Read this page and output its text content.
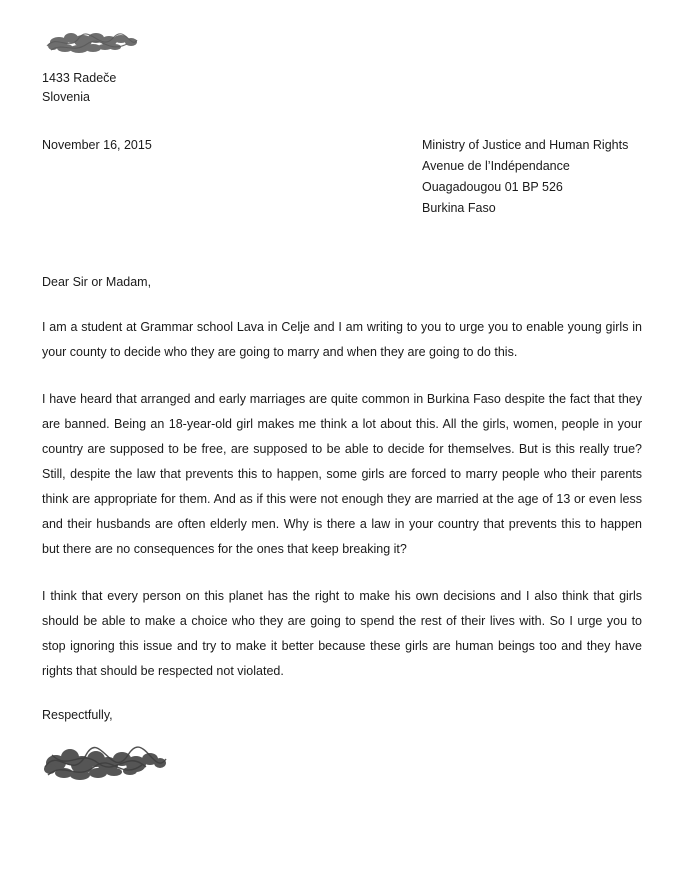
1433 Radeče
Slovenia
November 16, 2015	Ministry of Justice and Human Rights
Avenue de l’Indépendance
Ouagadougou 01 BP 526
Burkina Faso
Dear Sir or Madam,

I am a student at Grammar school Lava in Celje and I am writing to you to urge you to enable young girls in your county to decide who they are going to marry and when they are going to do this.

I have heard that arranged and early marriages are quite common in Burkina Faso despite the fact that they are banned. Being an 18-year-old girl makes me think a lot about this. All the girls, women, people in your country are supposed to be free, are supposed to be able to decide for themselves. But is this really true? Still, despite the law that prevents this to happen, some girls are forced to marry people who their parents think are appropriate for them. And as if this were not enough they are married at the age of 13 or even less and their husbands are often elderly men. Why is there a law in your country that prevents this to happen but there are no consequences for the ones that keep breaking it?

I think that every person on this planet has the right to make his own decisions and I also think that girls should be able to make a choice who they are going to spend the rest of their lives with. So I urge you to stop ignoring this issue and try to make it better because these girls are human beings too and they have rights that should be respected not violated.

Respectfully,
